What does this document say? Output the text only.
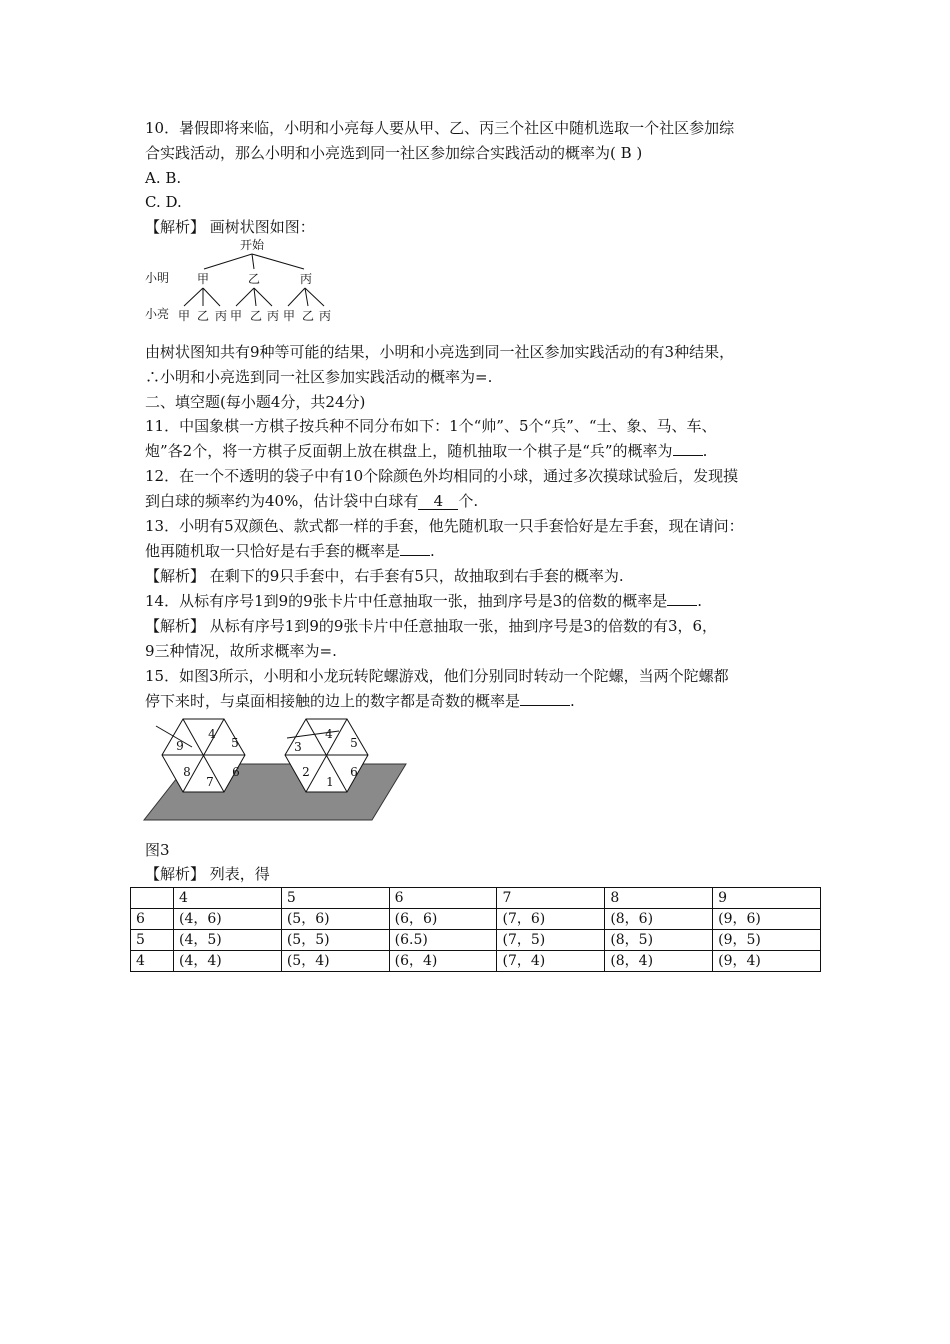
10．暑假即将来临，小明和小亮每人要从甲、乙、丙三个社区中随机选取一个社区参加综
合实践活动，那么小明和小亮选到同一社区参加综合实践活动的概率为( B )
A. B.
C. D.
【解析】 画树状图如图：
开始
小明
小亮
甲	乙	丙
甲 乙 丙 甲 乙 丙 甲 乙 丙
由树状图知共有9种等可能的结果，小明和小亮选到同一社区参加实践活动的有3种结果，
∴小明和小亮选到同一社区参加实践活动的概率为=.
二、填空题(每小题4分，共24分)
11．中国象棋一方棋子按兵种不同分布如下：1个“帅”、5个“兵”、“士、象、马、车、
炮”各2个，将一方棋子反面朝上放在棋盘上，随机抽取一个棋子是“兵”的概率为 .
12．在一个不透明的袋子中有10个除颜色外均相同的小球，通过多次摸球试验后，发现摸
到白球的频率约为40%，估计袋中白球有 4 个.
13．小明有5双颜色、款式都一样的手套，他先随机取一只手套恰好是左手套，现在请问：
他再随机取一只恰好是右手套的概率是 .
【解析】 在剩下的9只手套中，右手套有5只，故抽取到右手套的概率为.
14．从标有序号1到9的9张卡片中任意抽取一张，抽到序号是3的倍数的概率是 .
【解析】 从标有序号1到9的9张卡片中任意抽取一张，抽到序号是3的倍数的有3，6，
9三种情况，故所求概率为=.
15．如图3所示，小明和小龙玩转陀螺游戏，他们分别同时转动一个陀螺，当两个陀螺都
停下来时，与桌面相接触的边上的数字都是奇数的概率是	.
9
4
5
8
7
6
3
4
5
2
1
6
图3
【解析】 列表，得
	4	5	6	7	8	9
6	(4，6)	(5，6)	(6，6)	(7，6)	(8，6)	(9，6)
5	(4，5)	(5，5)	(6.5)	(7，5)	(8，5)	(9，5)
4	(4，4)	(5，4)	(6，4)	(7，4)	(8，4)	(9，4)
